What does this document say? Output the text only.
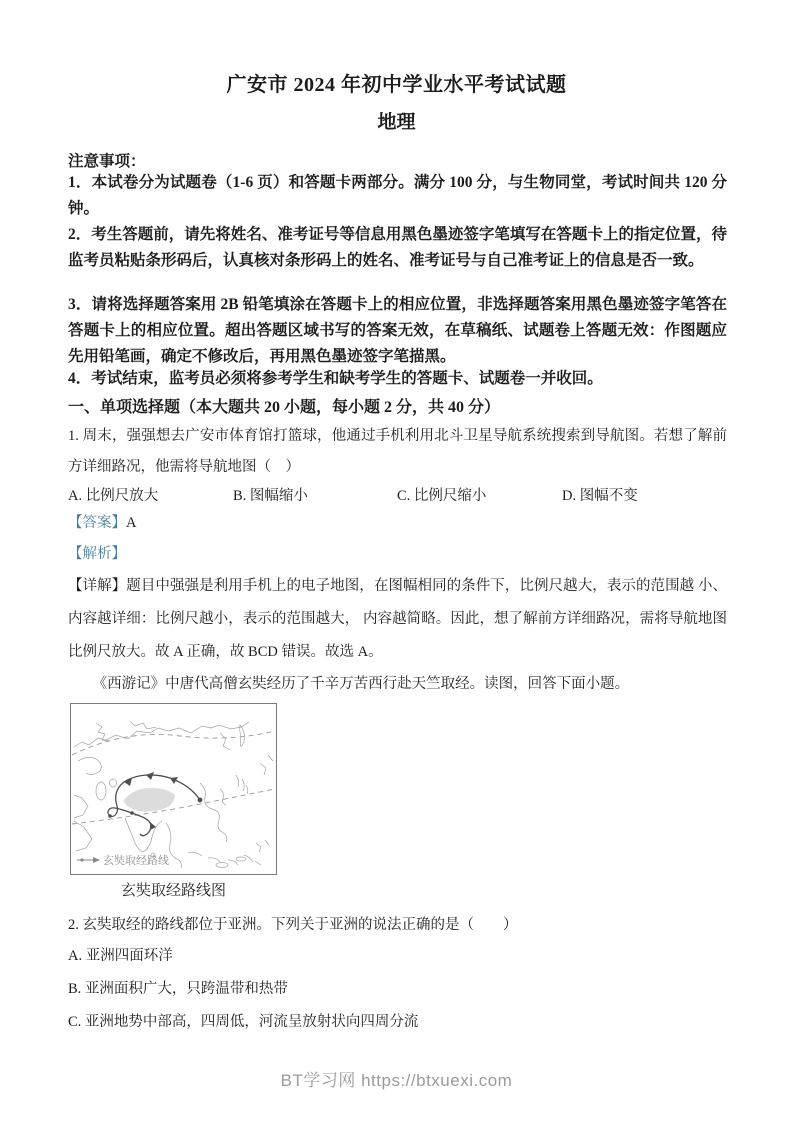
广安市 2024 年初中学业水平考试试题
地理
注意事项：
1．本试卷分为试题卷（1-6 页）和答题卡两部分。满分 100 分，与生物同堂，考试时间共 120 分钟。
2．考生答题前，请先将姓名、准考证号等信息用黑色墨迹签字笔填写在答题卡上的指定位置，待监考员粘贴条形码后，认真核对条形码上的姓名、准考证号与自己准考证上的信息是否一致。
3．请将选择题答案用 2B 铅笔填涂在答题卡上的相应位置，非选择题答案用黑色墨迹签字笔答在答题卡上的相应位置。超出答题区域书写的答案无效，在草稿纸、试题卷上答题无效：作图题应先用铅笔画，确定不修改后，再用黑色墨迹签字笔描黑。
4．考试结束，监考员必须将参考学生和缺考学生的答题卡、试题卷一并收回。
一、单项选择题（本大题共 20 小题，每小题 2 分，共 40 分）
1. 周末，强强想去广安市体育馆打篮球，他通过手机利用北斗卫星导航系统搜索到导航图。若想了解前方详细路况，他需将导航地图（　）
A. 比例尺放大	B. 图幅缩小	C. 比例尺缩小	D. 图幅不变
【答案】A
【解析】
【详解】题目中强强是利用手机上的电子地图，在图幅相同的条件下，比例尺越大，表示的范围越 小、内容越详细：比例尺越小，表示的范围越大， 内容越简略。因此，想了解前方详细路况，需将导航地图比例尺放大。故 A 正确，故 BCD 错误。故选 A。
《西游记》中唐代高僧玄奘经历了千辛万苦西行赴天竺取经。读图，回答下面小题。
玄奘取经路线
玄奘取经路线图
2. 玄奘取经的路线都位于亚洲。下列关于亚洲的说法正确的是（　　）
A. 亚洲四面环洋
B. 亚洲面积广大，只跨温带和热带
C. 亚洲地势中部高，四周低，河流呈放射状向四周分流
BT学习网 https://btxuexi.com
